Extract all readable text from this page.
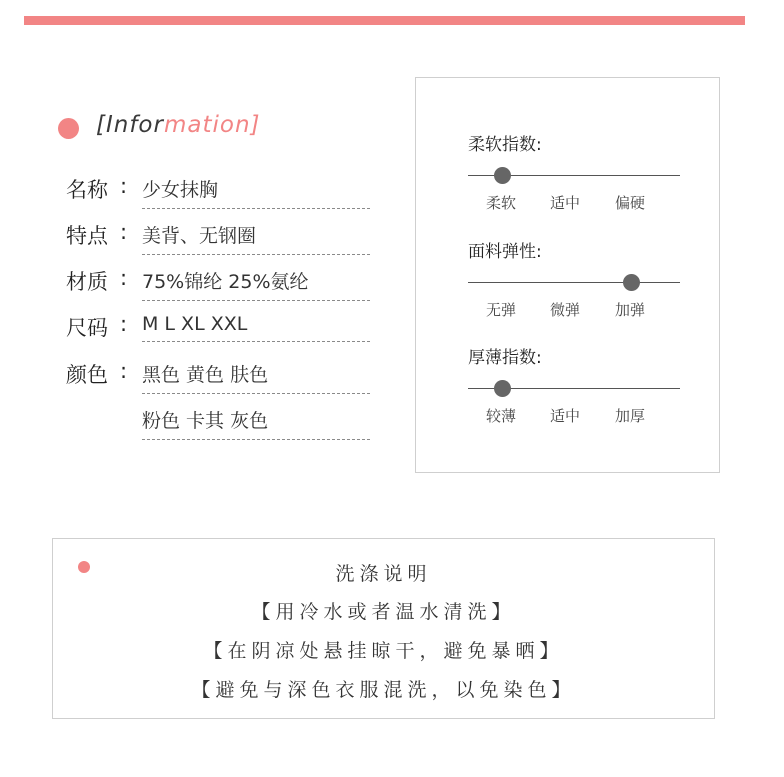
[Information]
名称 : 少女抹胸
特点 : 美背、无钢圈
材质 : 75%锦纶 25%氨纶
尺码 : M L XL XXL
颜色 : 黑色 黄色 肤色
粉色 卡其 灰色
柔软指数:
柔软 适中 偏硬
面料弹性:
无弹 微弹 加弹
厚薄指数:
较薄 适中 加厚
洗涤说明
【用冷水或者温水清洗】
【在阴凉处悬挂晾干，避免暴晒】
【避免与深色衣服混洗，以免染色】
